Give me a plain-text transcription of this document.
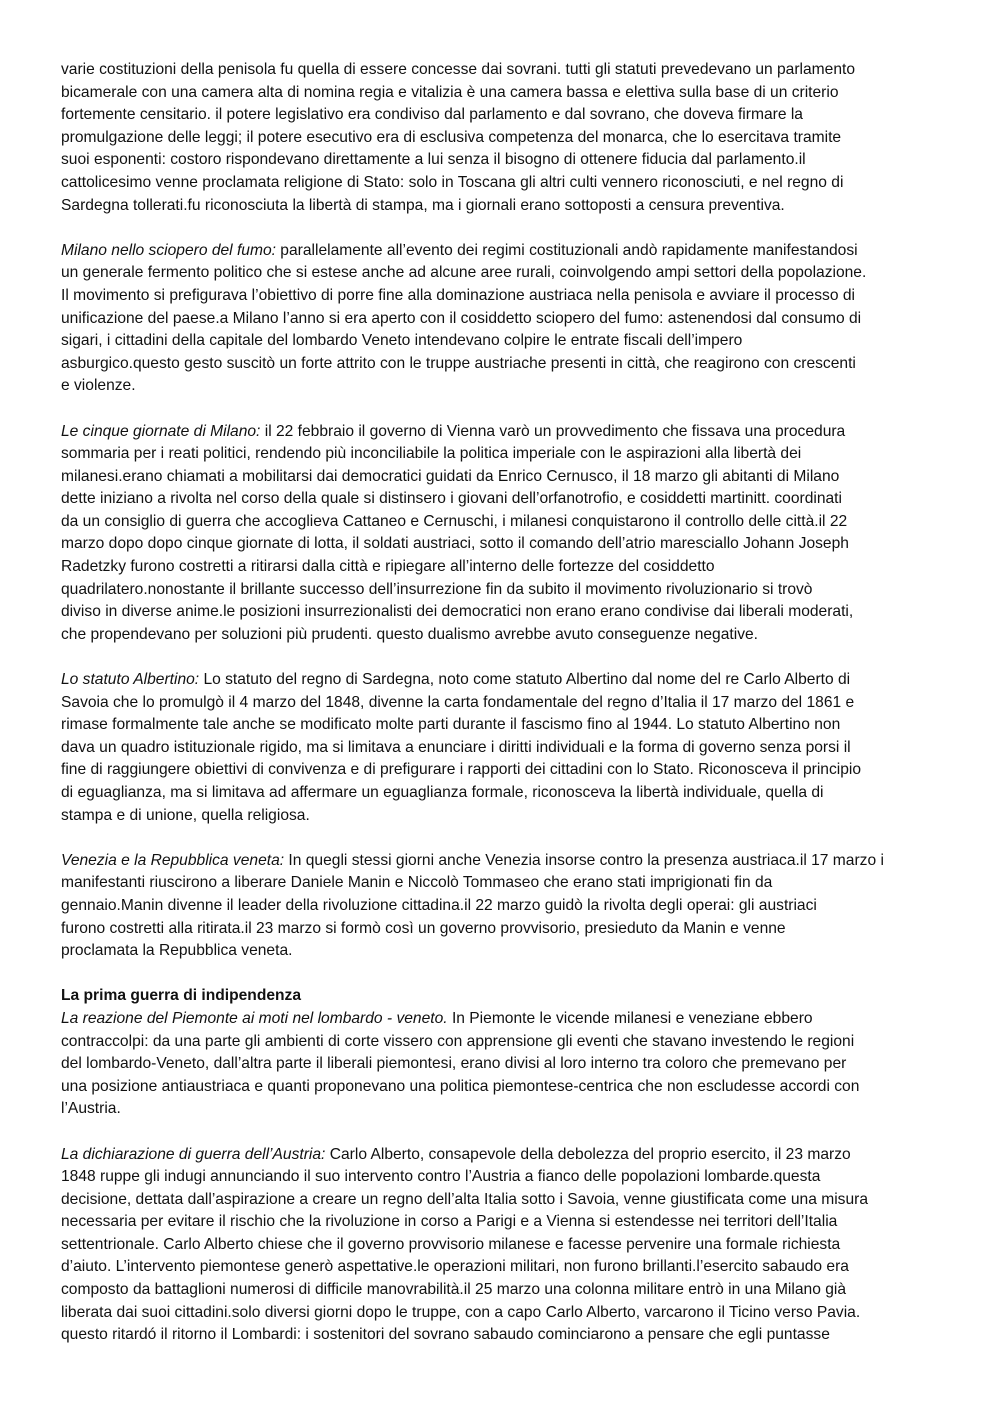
varie costituzioni della penisola fu quella di essere concesse dai sovrani. tutti gli statuti prevedevano un parlamento
bicamerale con una camera alta di nomina regia e vitalizia è una camera bassa e elettiva sulla base di un criterio
fortemente censitario. il potere legislativo era condiviso dal parlamento e dal sovrano, che doveva firmare la
promulgazione delle leggi; il potere esecutivo era di esclusiva competenza del monarca, che lo esercitava tramite
suoi esponenti: costoro rispondevano direttamente a lui senza il bisogno di ottenere fiducia dal parlamento.il
cattolicesimo venne proclamata religione di Stato: solo in Toscana gli altri culti vennero riconosciuti, e nel regno di
Sardegna tollerati.fu riconosciuta la libertà di stampa, ma i giornali erano sottoposti a censura preventiva.

Milano nello sciopero del fumo: parallelamente all’evento dei regimi costituzionali andò rapidamente manifestandosi
un generale fermento politico che si estese anche ad alcune aree rurali, coinvolgendo ampi settori della popolazione.
Il movimento si prefigurava l’obiettivo di porre fine alla dominazione austriaca nella penisola e avviare il processo di
unificazione del paese.a Milano l’anno si era aperto con il cosiddetto sciopero del fumo: astenendosi dal consumo di
sigari, i cittadini della capitale del lombardo Veneto intendevano colpire le entrate fiscali dell’impero
asburgico.questo gesto suscitò un forte attrito con le truppe austriache presenti in città, che reagirono con crescenti
e violenze.

Le cinque giornate di Milano: il 22 febbraio il governo di Vienna varò un provvedimento che fissava una procedura
sommaria per i reati politici, rendendo più inconciliabile la politica imperiale con le aspirazioni alla libertà dei
milanesi.erano chiamati a mobilitarsi dai democratici guidati da Enrico Cernusco, il 18 marzo gli abitanti di Milano
dette iniziano a rivolta nel corso della quale si distinsero i giovani dell’orfanotrofio, e cosiddetti martinitt. coordinati
da un consiglio di guerra che accoglieva Cattaneo e Cernuschi, i milanesi conquistarono il controllo delle città.il 22
marzo dopo dopo cinque giornate di lotta, il soldati austriaci, sotto il comando dell’atrio maresciallo Johann Joseph
Radetzky furono costretti a ritirarsi dalla città e ripiegare all’interno delle fortezze del cosiddetto
quadrilatero.nonostante il brillante successo dell’insurrezione fin da subito il movimento rivoluzionario si trovò
diviso in diverse anime.le posizioni insurrezionalisti dei democratici non erano erano condivise dai liberali moderati,
che propendevano per soluzioni più prudenti. questo dualismo avrebbe avuto conseguenze negative.

Lo statuto Albertino: Lo statuto del regno di Sardegna, noto come statuto Albertino dal nome del re Carlo Alberto di
Savoia che lo promulgò il 4 marzo del 1848, divenne la carta fondamentale del regno d’Italia il 17 marzo del 1861 e
rimase formalmente tale anche se modificato molte parti durante il fascismo fino al 1944. Lo statuto Albertino non
dava un quadro istituzionale rigido, ma si limitava a enunciare i diritti individuali e la forma di governo senza porsi il
fine di raggiungere obiettivi di convivenza e di prefigurare i rapporti dei cittadini con lo Stato. Riconosceva il principio
di eguaglianza, ma si limitava ad affermare un eguaglianza formale, riconosceva la libertà individuale, quella di
stampa e di unione, quella religiosa.

Venezia e la Repubblica veneta: In quegli stessi giorni anche Venezia insorse contro la presenza austriaca.il 17 marzo i
manifestanti riuscirono a liberare Daniele Manin e Niccolò Tommaseo che erano stati imprigionati fin da
gennaio.Manin divenne il leader della rivoluzione cittadina.il 22 marzo guidò la rivolta degli operai: gli austriaci
furono costretti alla ritirata.il 23 marzo si formò così un governo provvisorio, presieduto da Manin e venne
proclamata la Repubblica veneta.

La prima guerra di indipendenza

La reazione del Piemonte ai moti nel lombardo - veneto. In Piemonte le vicende milanesi e veneziane ebbero
contraccolpi: da una parte gli ambienti di corte vissero con apprensione gli eventi che stavano investendo le regioni
del lombardo-Veneto, dall’altra parte il liberali piemontesi, erano divisi al loro interno tra coloro che premevano per
una posizione antiaustriaca e quanti proponevano una politica piemontese-centrica che non escludesse accordi con
l’Austria.

La dichiarazione di guerra dell’Austria: Carlo Alberto, consapevole della debolezza del proprio esercito, il 23 marzo
1848 ruppe gli indugi annunciando il suo intervento contro l’Austria a fianco delle popolazioni lombarde.questa
decisione, dettata dall’aspirazione a creare un regno dell’alta Italia sotto i Savoia, venne giustificata come una misura
necessaria per evitare il rischio che la rivoluzione in corso a Parigi e a Vienna si estendesse nei territori dell’Italia
settentrionale. Carlo Alberto chiese che il governo provvisorio milanese e facesse pervenire una formale richiesta
d’aiuto. L’intervento piemontese generò aspettative.le operazioni militari, non furono brillanti.l’esercito sabaudo era
composto da battaglioni numerosi di difficile manovrabilità.il 25 marzo una colonna militare entrò in una Milano già
liberata dai suoi cittadini.solo diversi giorni dopo le truppe, con a capo Carlo Alberto, varcarono il Ticino verso Pavia.
questo ritardó il ritorno il Lombardi: i sostenitori del sovrano sabaudo cominciarono a pensare che egli puntasse
